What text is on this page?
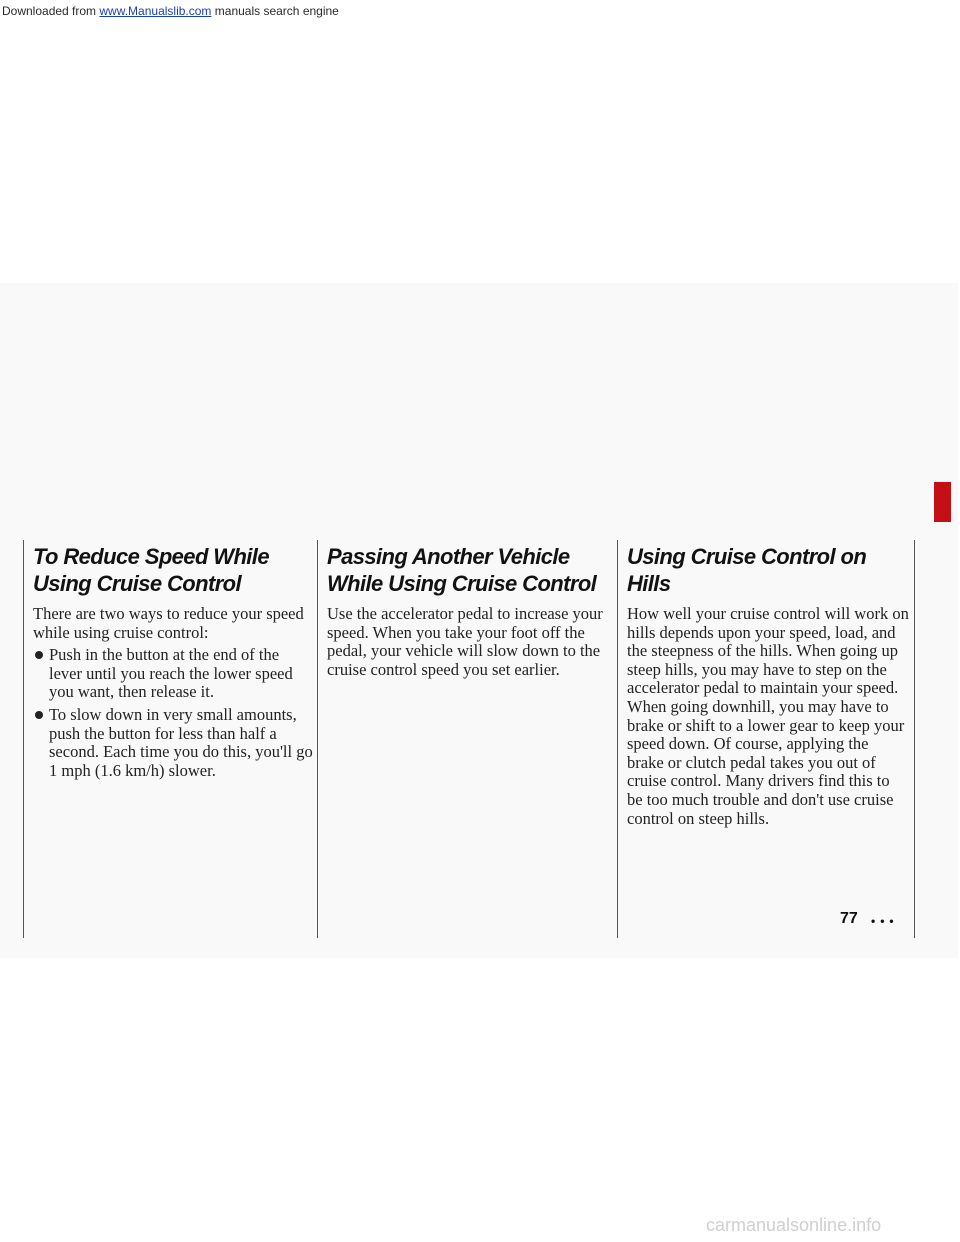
Downloaded from www.Manualslib.com manuals search engine
To Reduce Speed While Using Cruise Control

There are two ways to reduce your speed while using cruise control:

Push in the button at the end of the lever until you reach the lower speed you want, then release it.
To slow down in very small amounts, push the button for less than half a second. Each time you do this, you'll go 1 mph (1.6 km/h) slower.
Passing Another Vehicle While Using Cruise Control

Use the accelerator pedal to increase your speed. When you take your foot off the pedal, your vehicle will slow down to the cruise control speed you set earlier.

Using Cruise Control on Hills

How well your cruise control will work on hills depends upon your speed, load, and the steepness of the hills. When going up steep hills, you may have to step on the accelerator pedal to maintain your speed. When going downhill, you may have to brake or shift to a lower gear to keep your speed down. Of course, applying the brake or clutch pedal takes you out of cruise control. Many drivers find this to be too much trouble and don't use cruise control on steep hills.

77 •••
carmanualsonline.info
